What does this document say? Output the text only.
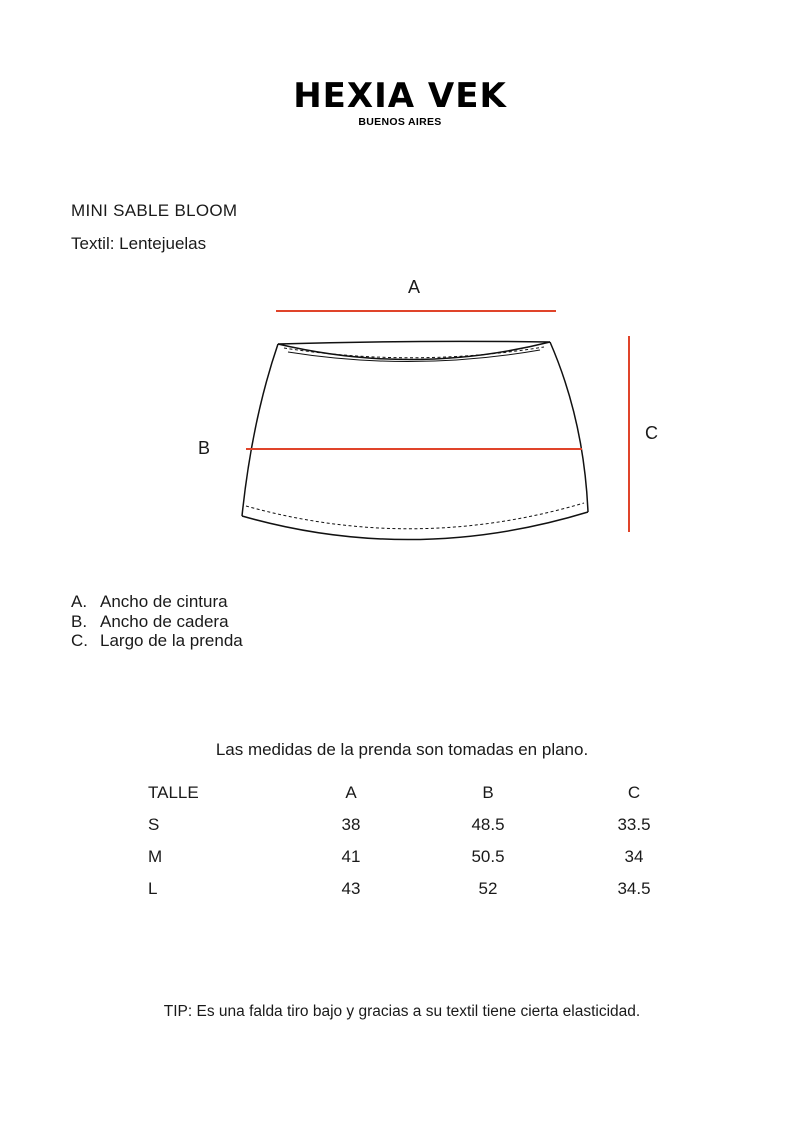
HEXIA VEK
BUENOS AIRES
MINI SABLE BLOOM
Textil: Lentejuelas
A
B
C
A. Ancho de cintura
B. Ancho de cadera
C. Largo de la prenda
Las medidas de la prenda son tomadas en plano.
TALLE	A	B	C
S	38	48.5	33.5
M	41	50.5	34
L	43	52	34.5
TIP: Es una falda tiro bajo y gracias a su textil tiene cierta elasticidad.
